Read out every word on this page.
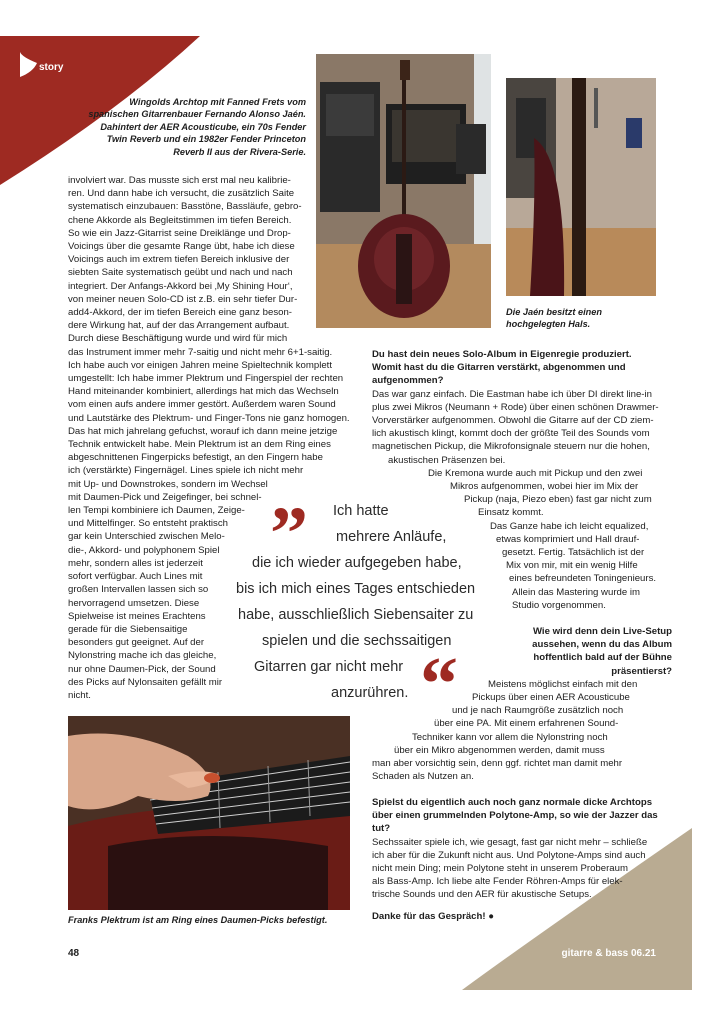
story
Wingolds Archtop mit Fanned Frets vom spanischen Gitarrenbauer Fernando Alonso Jaén. Dahintert der AER Acousticube, ein 70s Fender Twin Reverb und ein 1982er Fender Princeton Reverb II aus der Rivera-Serie.
Die Jaén besitzt einen hochgelegten Hals.

involviert war. Das musste sich erst mal neu kalibrie-

ren. Und dann habe ich versucht, die zusätzlich Saite

systematisch einzubauen: Basstöne, Bassläufe, gebro-

chene Akkorde als Begleitstimmen im tiefen Bereich.

So wie ein Jazz-Gitarrist seine Dreiklänge und Drop-

Voicings über die gesamte Range übt, habe ich diese

Voicings auch im extrem tiefen Bereich inklusive der

siebten Saite systematisch geübt und nach und nach

integriert. Der Anfangs-Akkord bei ‚My Shining Hour‘,

von meiner neuen Solo-CD ist z.B. ein sehr tiefer Dur-

add4-Akkord, der im tiefen Bereich eine ganz beson-

dere Wirkung hat, auf der das Arrangement aufbaut.

Durch diese Beschäftigung wurde und wird für mich

das Instrument immer mehr 7-saitig und nicht mehr 6+1-saitig.

Ich habe auch vor einigen Jahren meine Spieltechnik komplett

umgestellt: Ich habe immer Plektrum und Fingerspiel der rechten

Hand miteinander kombiniert, allerdings hat mich das Wechseln

vom einen aufs andere immer gestört. Außerdem waren Sound

und Lautstärke des Plektrum- und Finger-Tons nie ganz homogen.

Das hat mich jahrelang gefuchst, worauf ich dann meine jetzige

Technik entwickelt habe. Mein Plektrum ist an dem Ring eines

abgeschnittenen Fingerpicks befestigt, an den Fingern habe

ich (verstärkte) Fingernägel. Lines spiele ich nicht mehr

mit Up- und Downstrokes, sondern im Wechsel

mit Daumen-Pick und Zeigefinger, bei schnel-

len Tempi kombiniere ich Daumen, Zeige-

und Mittelfinger. So entsteht praktisch

gar kein Unterschied zwischen Melo-

die-, Akkord- und polyphonem Spiel

mehr, sondern alles ist jederzeit

sofort verfügbar. Auch Lines mit

großen Intervallen lassen sich so

hervorragend umsetzen. Diese

Spielweise ist meines Erachtens

gerade für die Siebensaitige

besonders gut geeignet. Auf der

Nylonstring mache ich das gleiche,

nur ohne Daumen-Pick, der Sound

des Picks auf Nylonsaiten gefällt mir

nicht.

Du hast dein neues Solo-Album in Eigenregie produziert.

Womit hast du die Gitarren verstärkt, abgenommen und

aufgenommen?

Das war ganz einfach. Die Eastman habe ich über DI direkt line-in

plus zwei Mikros (Neumann + Rode) über einen schönen Drawmer-

Vorverstärker aufgenommen. Obwohl die Gitarre auf der CD ziem-

lich akustisch klingt, kommt doch der größte Teil des Sounds vom

magnetischen Pickup, die Mikrofonsignale steuern nur die hohen,

akustischen Präsenzen bei.

Die Kremona wurde auch mit Pickup und den zwei

Mikros aufgenommen, wobei hier im Mix der

Pickup (naja, Piezo eben) fast gar nicht zum

Einsatz kommt.

Das Ganze habe ich leicht equalized,

etwas komprimiert und Hall drauf-

gesetzt. Fertig. Tatsächlich ist der

Mix von mir, mit ein wenig Hilfe

eines befreundeten Toningenieurs.

Allein das Mastering wurde im

Studio vorgenommen.

Wie wird denn dein Live-Setup

aussehen, wenn du das Album

hoffentlich bald auf der Bühne

präsentierst?

Meistens möglichst einfach mit den

Pickups über einen AER Acousticube

und je nach Raumgröße zusätzlich noch

über eine PA. Mit einem erfahrenen Sound-

Techniker kann vor allem die Nylonstring noch

über ein Mikro abgenommen werden, damit muss

man aber vorsichtig sein, denn ggf. richtet man damit mehr

Schaden als Nutzen an.

Spielst du eigentlich auch noch ganz normale dicke Archtops

über einen grummelnden Polytone-Amp, so wie der Jazzer das

tut?

Sechssaiter spiele ich, wie gesagt, fast gar nicht mehr – schließe

ich aber für die Zukunft nicht aus. Und Polytone-Amps sind auch

nicht mein Ding; mein Polytone steht in unserem Proberaum

als Bass-Amp. Ich liebe alte Fender Röhren-Amps für elek-

trische Sounds und den AER für akustische Setups.

Danke für das Gespräch! ●

”
“
Ich hatte
mehrere Anläufe,
die ich wieder aufgegeben habe,
bis ich mich eines Tages entschieden
habe, ausschließlich Siebensaiter zu
spielen und die sechssaitigen
Gitarren gar nicht mehr
anzurühren.
Franks Plektrum ist am Ring eines Daumen-Picks befestigt.
48	gitarre & bass 06.21
